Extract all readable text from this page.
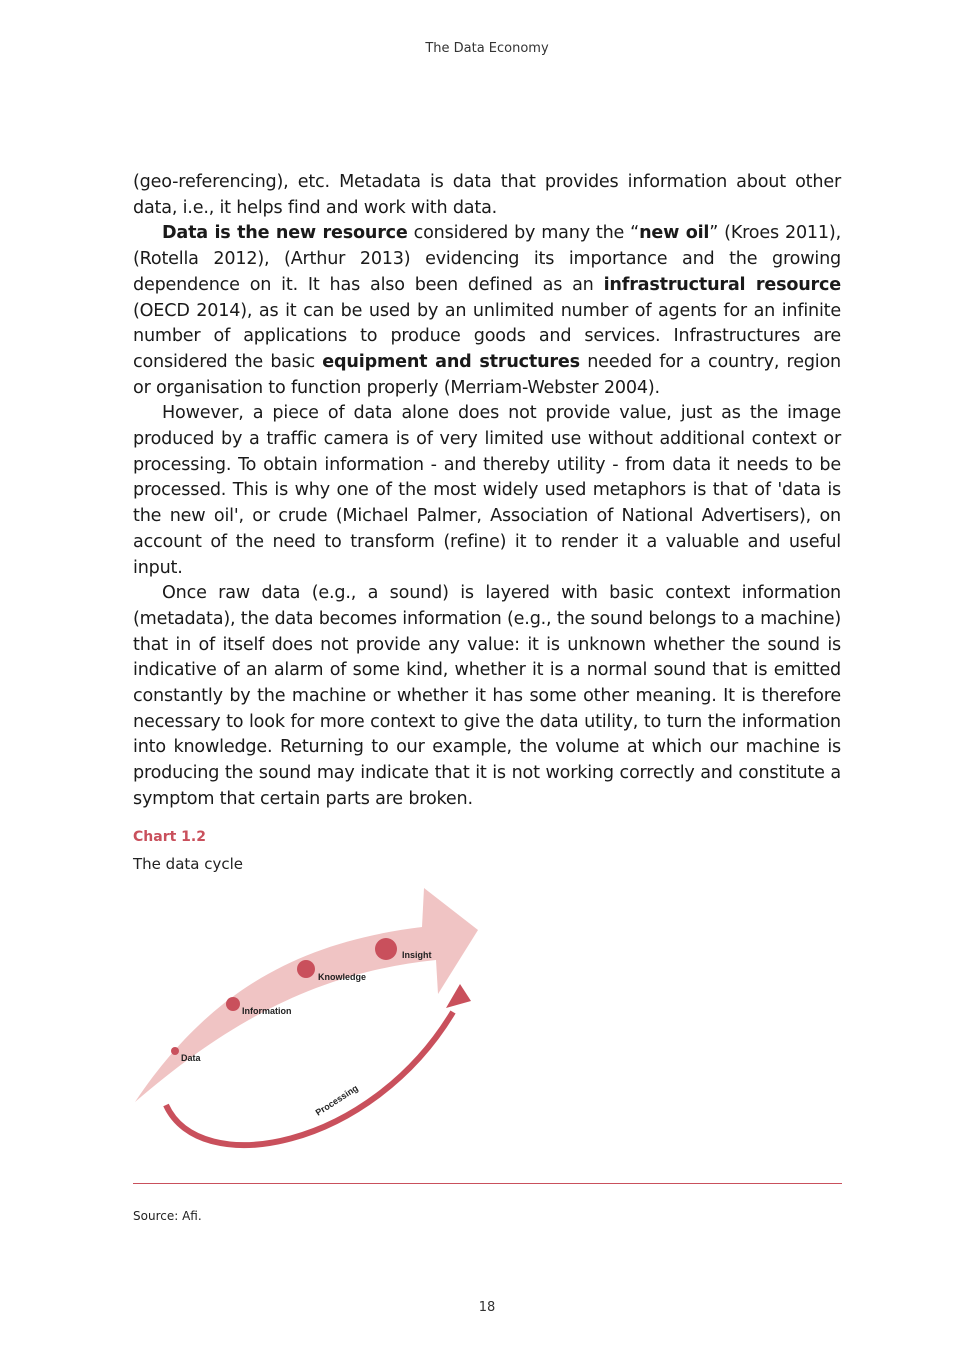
The Data Economy

(geo-referencing), etc. Metadata is data that provides information about other data, i.e., it helps find and work with data.

Data is the new resource considered by many the “new oil” (Kroes 2011), (Rotella 2012), (Arthur 2013) evidencing its importance and the growing dependence on it. It has also been defined as an infrastructural resource (OECD 2014), as it can be used by an unlimited number of agents for an infinite number of applications to produce goods and services. Infrastructures are considered the basic equipment and structures needed for a country, region or organisation to function properly (Merriam-Webster 2004).

However, a piece of data alone does not provide value, just as the image produced by a traffic camera is of very limited use without additional context or processing. To obtain information - and thereby utility - from data it needs to be processed. This is why one of the most widely used metaphors is that of 'data is the new oil', or crude (Michael Palmer, Association of National Advertisers), on account of the need to transform (refine) it to render it a valuable and useful input.

Once raw data (e.g., a sound) is layered with basic context information (metadata), the data becomes information (e.g., the sound belongs to a machine) that in of itself does not provide any value: it is unknown whether the sound is indicative of an alarm of some kind, whether it is a normal sound that is emitted constantly by the machine or whether it has some other meaning. It is therefore necessary to look for more context to give the data utility, to turn the information into knowledge. Returning to our example, the volume at which our machine is producing the sound may indicate that it is not working correctly and constitute a symptom that certain parts are broken.

Chart 1.2
The data cycle
Data
Information
Knowledge
Insight
Processing
Source: Afi.
18
